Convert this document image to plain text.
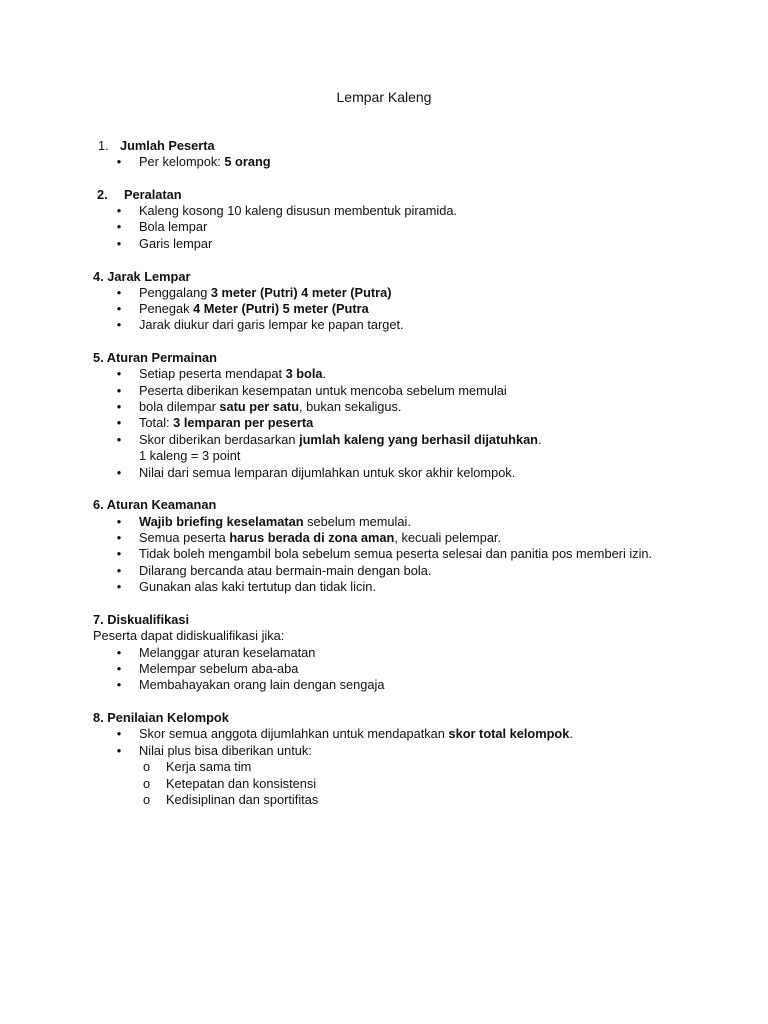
Lempar Kaleng
1. Jumlah Peserta
• Per kelompok: 5 orang
2. Peralatan
• Kaleng kosong 10 kaleng disusun membentuk piramida.
• Bola lempar
• Garis lempar
4. Jarak Lempar
• Penggalang 3 meter (Putri) 4 meter (Putra)
• Penegak 4 Meter (Putri) 5 meter (Putra
• Jarak diukur dari garis lempar ke papan target.
5. Aturan Permainan
• Setiap peserta mendapat 3 bola.
• Peserta diberikan kesempatan untuk mencoba sebelum memulai
• bola dilempar satu per satu, bukan sekaligus.
• Total: 3 lemparan per peserta
• Skor diberikan berdasarkan jumlah kaleng yang berhasil dijatuhkan.
1 kaleng = 3 point
• Nilai dari semua lemparan dijumlahkan untuk skor akhir kelompok.
6. Aturan Keamanan
• Wajib briefing keselamatan sebelum memulai.
• Semua peserta harus berada di zona aman, kecuali pelempar.
• Tidak boleh mengambil bola sebelum semua peserta selesai dan panitia pos memberi izin.
• Dilarang bercanda atau bermain-main dengan bola.
• Gunakan alas kaki tertutup dan tidak licin.
7. Diskualifikasi
Peserta dapat didiskualifikasi jika:
• Melanggar aturan keselamatan
• Melempar sebelum aba-aba
• Membahayakan orang lain dengan sengaja
8. Penilaian Kelompok
• Skor semua anggota dijumlahkan untuk mendapatkan skor total kelompok.
• Nilai plus bisa diberikan untuk:
o Kerja sama tim
o Ketepatan dan konsistensi
o Kedisiplinan dan sportifitas
